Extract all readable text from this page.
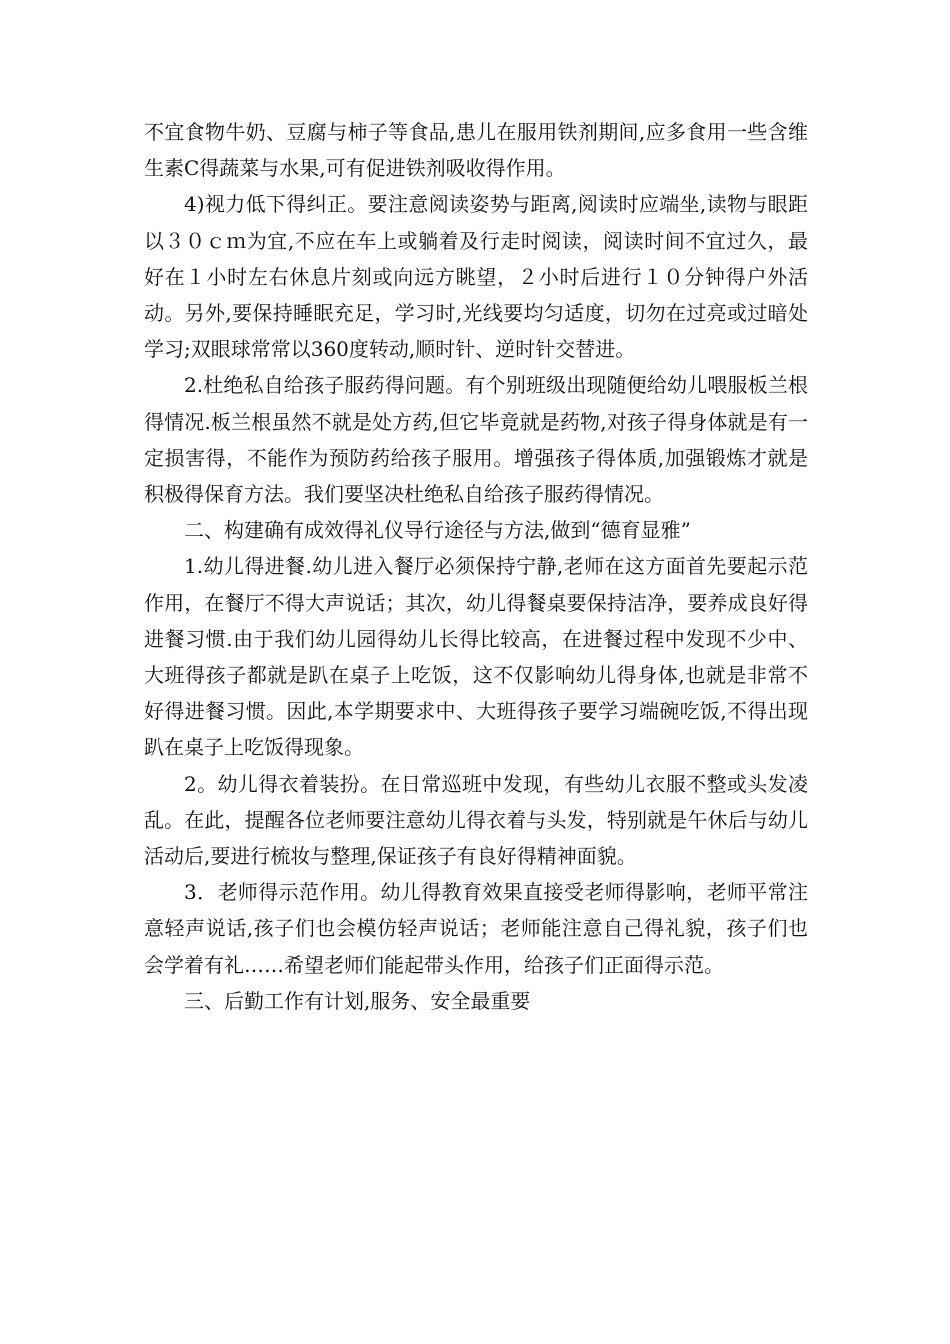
不宜食物牛奶、豆腐与柿子等食品,患儿在服用铁剂期间,应多食用一些含维生素C得蔬菜与水果,可有促进铁剂吸收得作用。

4)视力低下得纠正。要注意阅读姿势与距离,阅读时应端坐,读物与眼距以３０ｃｍ为宜,不应在车上或躺着及行走时阅读，阅读时间不宜过久，最好在１小时左右休息片刻或向远方眺望，２小时后进行１０分钟得户外活动。另外,要保持睡眠充足，学习时,光线要均匀适度，切勿在过亮或过暗处学习;双眼球常常以360度转动,顺时针、逆时针交替进。

2.杜绝私自给孩子服药得问题。有个别班级出现随便给幼儿喂服板兰根得情况.板兰根虽然不就是处方药,但它毕竟就是药物,对孩子得身体就是有一定损害得，不能作为预防药给孩子服用。增强孩子得体质,加强锻炼才就是积极得保育方法。我们要坚决杜绝私自给孩子服药得情况。

二、构建确有成效得礼仪导行途径与方法,做到“德育显雅”

1.幼儿得进餐.幼儿进入餐厅必须保持宁静,老师在这方面首先要起示范作用，在餐厅不得大声说话；其次，幼儿得餐桌要保持洁净，要养成良好得进餐习惯.由于我们幼儿园得幼儿长得比较高，在进餐过程中发现不少中、大班得孩子都就是趴在桌子上吃饭，这不仅影响幼儿得身体,也就是非常不好得进餐习惯。因此,本学期要求中、大班得孩子要学习端碗吃饭,不得出现趴在桌子上吃饭得现象。

2。幼儿得衣着装扮。在日常巡班中发现，有些幼儿衣服不整或头发凌乱。在此，提醒各位老师要注意幼儿得衣着与头发，特别就是午休后与幼儿活动后,要进行梳妆与整理,保证孩子有良好得精神面貌。

3．老师得示范作用。幼儿得教育效果直接受老师得影响，老师平常注意轻声说话,孩子们也会模仿轻声说话；老师能注意自己得礼貌，孩子们也会学着有礼……希望老师们能起带头作用，给孩子们正面得示范。

三、后勤工作有计划,服务、安全最重要
